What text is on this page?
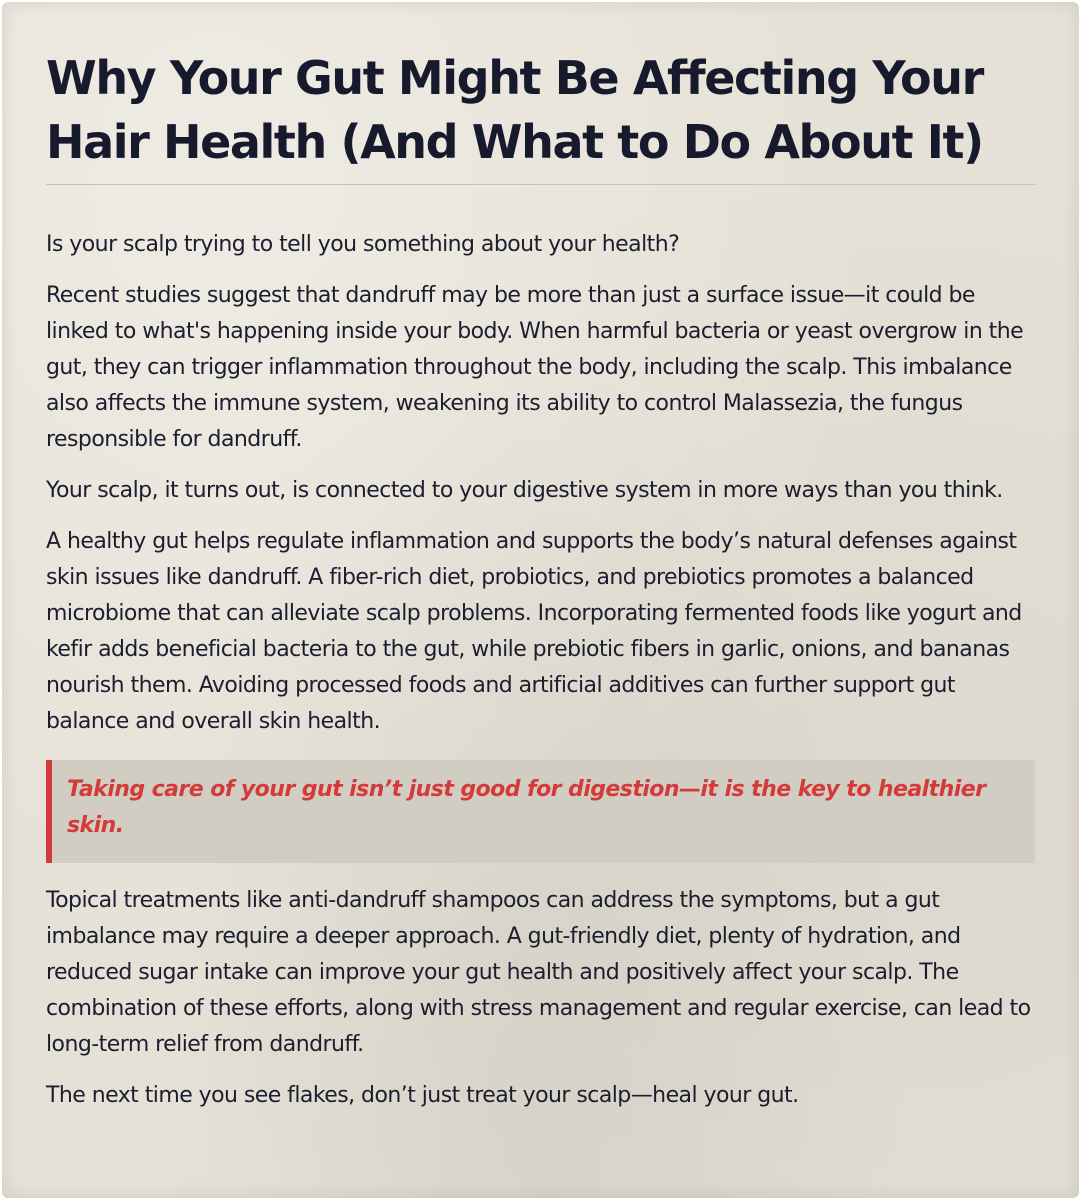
Why Your Gut Might Be Affecting Your Hair Health (And What to Do About It)

Is your scalp trying to tell you something about your health?

Recent studies suggest that dandruff may be more than just a surface issue—it could be linked to what's happening inside your body. When harmful bacteria or yeast overgrow in the gut, they can trigger inflammation throughout the body, including the scalp. This imbalance also affects the immune system, weakening its ability to control Malassezia, the fungus responsible for dandruff.

Your scalp, it turns out, is connected to your digestive system in more ways than you think.

A healthy gut helps regulate inflammation and supports the body’s natural defenses against skin issues like dandruff. A fiber-rich diet, probiotics, and prebiotics promotes a balanced microbiome that can alleviate scalp problems. Incorporating fermented foods like yogurt and kefir adds beneficial bacteria to the gut, while prebiotic fibers in garlic, onions, and bananas nourish them. Avoiding processed foods and artificial additives can further support gut balance and overall skin health.

Taking care of your gut isn’t just good for digestion—it is the key to healthier skin.

Topical treatments like anti-dandruff shampoos can address the symptoms, but a gut imbalance may require a deeper approach. A gut-friendly diet, plenty of hydration, and reduced sugar intake can improve your gut health and positively affect your scalp. The combination of these efforts, along with stress management and regular exercise, can lead to long-term relief from dandruff.

The next time you see flakes, don’t just treat your scalp—heal your gut.
